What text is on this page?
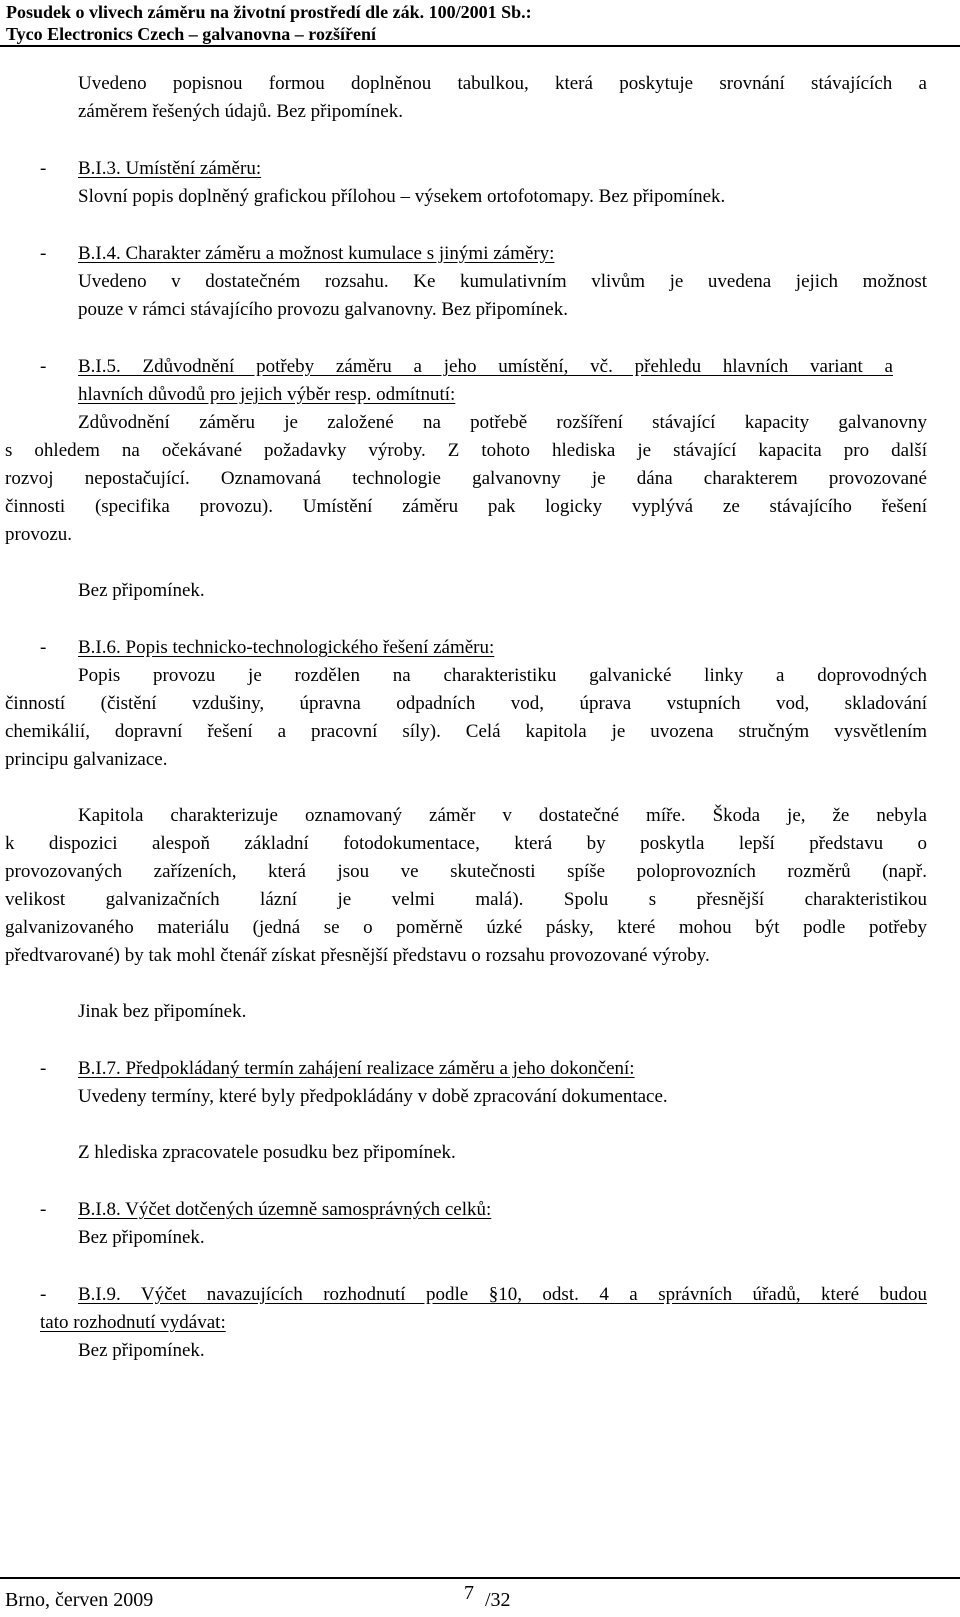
Posudek o vlivech záměru na životní prostředí dle zák. 100/2001 Sb.:
Tyco Electronics Czech – galvanovna – rozšíření
Uvedeno popisnou formou doplněnou tabulkou, která poskytuje srovnání stávajících a
záměrem řešených údajů. Bez připomínek.
- B.I.3. Umístění záměru:
Slovní popis doplněný grafickou přílohou – výsekem ortofotomapy. Bez připomínek.
- B.I.4. Charakter záměru a možnost kumulace s jinými záměry:
Uvedeno v dostatečném rozsahu. Ke kumulativním vlivům je uvedena jejich možnost
pouze v rámci stávajícího provozu galvanovny. Bez připomínek.
- B.I.5. Zdůvodnění potřeby záměru a jeho umístění, vč. přehledu hlavních variant a
hlavních důvodů pro jejich výběr resp. odmítnutí:
Zdůvodnění záměru je založené na potřebě rozšíření stávající kapacity galvanovny
s ohledem na očekávané požadavky výroby. Z tohoto hlediska je stávající kapacita pro další
rozvoj nepostačující. Oznamovaná technologie galvanovny je dána charakterem provozované
činnosti (specifika provozu). Umístění záměru pak logicky vyplývá ze stávajícího řešení
provozu.
Bez připomínek.
- B.I.6. Popis technicko-technologického řešení záměru:
Popis provozu je rozdělen na charakteristiku galvanické linky a doprovodných
činností (čistění vzdušiny, úpravna odpadních vod, úprava vstupních vod, skladování
chemikálií, dopravní řešení a pracovní síly). Celá kapitola je uvozena stručným vysvětlením
principu galvanizace.
Kapitola charakterizuje oznamovaný záměr v dostatečné míře. Škoda je, že nebyla
k dispozici alespoň základní fotodokumentace, která by poskytla lepší představu o
provozovaných zařízeních, která jsou ve skutečnosti spíše poloprovozních rozměrů (např.
velikost galvanizačních lázní je velmi malá). Spolu s přesnější charakteristikou
galvanizovaného materiálu (jedná se o poměrně úzké pásky, které mohou být podle potřeby
předtvarované) by tak mohl čtenář získat přesnější představu o rozsahu provozované výroby.
Jinak bez připomínek.
- B.I.7. Předpokládaný termín zahájení realizace záměru a jeho dokončení:
Uvedeny termíny, které byly předpokládány v době zpracování dokumentace.
Z hlediska zpracovatele posudku bez připomínek.
- B.I.8. Výčet dotčených územně samosprávných celků:
Bez připomínek.
- B.I.9. Výčet navazujících rozhodnutí podle §10, odst. 4 a správních úřadů, které budou
tato rozhodnutí vydávat:
Bez připomínek.
Brno, červen 2009	7 /32
